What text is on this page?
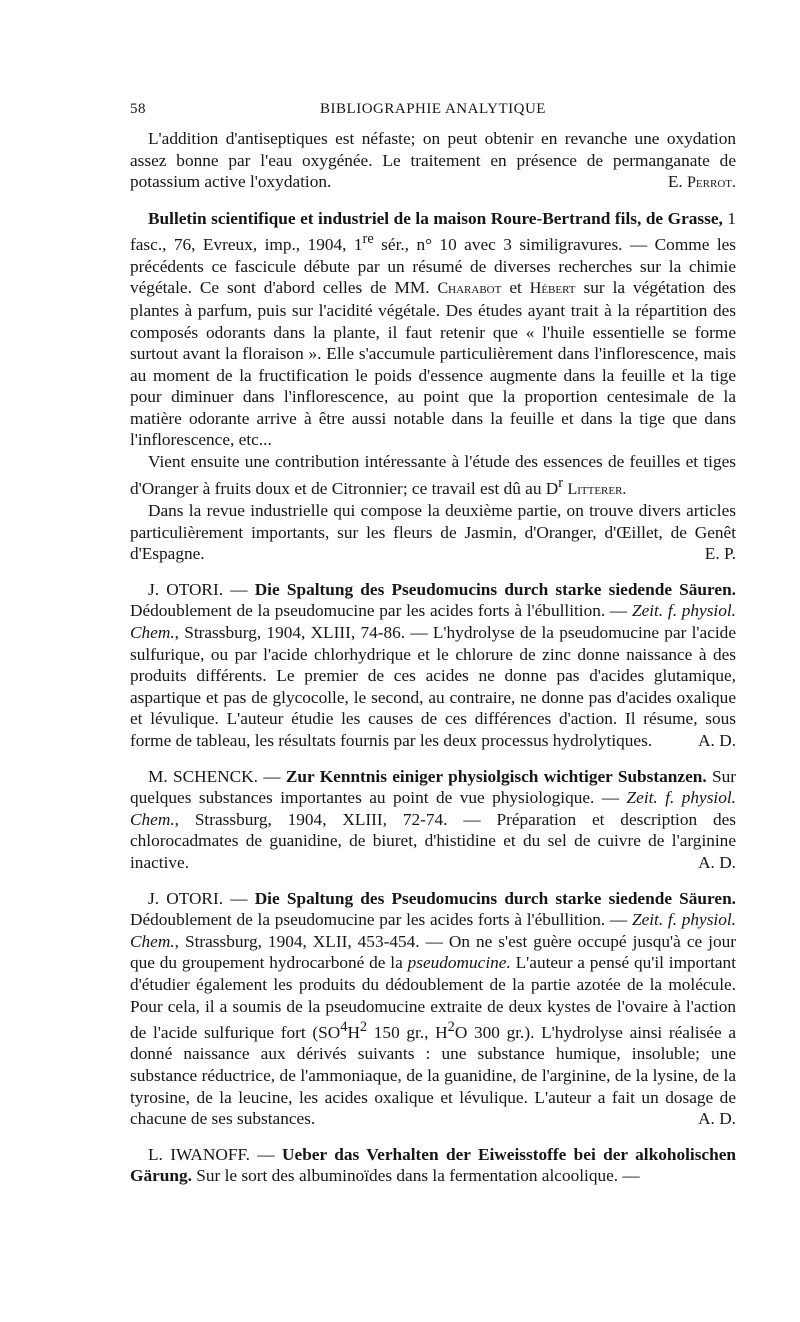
58	BIBLIOGRAPHIE ANALYTIQUE

L'addition d'antiseptiques est néfaste; on peut obtenir en revanche une oxydation assez bonne par l'eau oxygénée. Le traitement en présence de permanganate de potassium active l'oxydation.	E. Perrot.

Bulletin scientifique et industriel de la maison Roure-Bertrand fils, de Grasse, 1 fasc., 76, Evreux, imp., 1904, 1re sér., n° 10 avec 3 similigravures. — Comme les précédents ce fascicule débute par un résumé de diverses recherches sur la chimie végétale. Ce sont d'abord celles de MM. Charabot et Hébert sur la végétation des plantes à parfum, puis sur l'acidité végétale. Des études ayant trait à la répartition des composés odorants dans la plante, il faut retenir que « l'huile essentielle se forme surtout avant la floraison ». Elle s'accumule particulièrement dans l'inflorescence, mais au moment de la fructification le poids d'essence augmente dans la feuille et la tige pour diminuer dans l'inflorescence, au point que la proportion centesimale de la matière odorante arrive à être aussi notable dans la feuille et dans la tige que dans l'inflorescence, etc...

Vient ensuite une contribution intéressante à l'étude des essences de feuilles et tiges d'Oranger à fruits doux et de Citronnier; ce travail est dû au $D^r$ Litterer.

Dans la revue industrielle qui compose la deuxième partie, on trouve divers articles particulièrement importants, sur les fleurs de Jasmin, d'Oranger, d'Œillet, de Genêt d'Espagne.	E. P.

J. OTORI. — Die Spaltung des Pseudomucins durch starke siedende Säuren. Dédoublement de la pseudomucine par les acides forts à l'ébullition. — Zeit. f. physiol. Chem., Strassburg, 1904, XLIII, 74-86. — L'hydrolyse de la pseudomucine par l'acide sulfurique, ou par l'acide chlorhydrique et le chlorure de zinc donne naissance à des produits différents. Le premier de ces acides ne donne pas d'acides glutamique, aspartique et pas de glycocolle, le second, au contraire, ne donne pas d'acides oxalique et lévulique. L'auteur étudie les causes de ces différences d'action. Il résume, sous forme de tableau, les résultats fournis par les deux processus hydrolytiques.	A. D.

M. SCHENCK. — Zur Kenntnis einiger physiolgisch wichtiger Substanzen. Sur quelques substances importantes au point de vue physiologique. — Zeit. f. physiol. Chem., Strassburg, 1904, XLIII, 72-74. — Préparation et description des chlorocadmates de guanidine, de biuret, d'histidine et du sel de cuivre de l'arginine inactive.	A. D.

J. OTORI. — Die Spaltung des Pseudomucins durch starke siedende Säuren. Dédoublement de la pseudomucine par les acides forts à l'ébullition. — Zeit. f. physiol. Chem., Strassburg, 1904, XLII, 453-454. — On ne s'est guère occupé jusqu'à ce jour que du groupement hydrocarboné de la pseudomucine. L'auteur a pensé qu'il important d'étudier également les produits du dédoublement de la partie azotée de la molécule. Pour cela, il a soumis de la pseudomucine extraite de deux kystes de l'ovaire à l'action de l'acide sulfurique fort ($SO^4H^2$ 150 gr., $H^2O$ 300 gr.). L'hydrolyse ainsi réalisée a donné naissance aux dérivés suivants : une substance humique, insoluble; une substance réductrice, de l'ammoniaque, de la guanidine, de l'arginine, de la lysine, de la tyrosine, de la leucine, les acides oxalique et lévulique. L'auteur a fait un dosage de chacune de ses substances.	A. D.

L. IWANOFF. — Ueber das Verhalten der Eiweisstoffe bei der alkoholischen Gärung. Sur le sort des albuminoïdes dans la fermentation alcoolique. —
